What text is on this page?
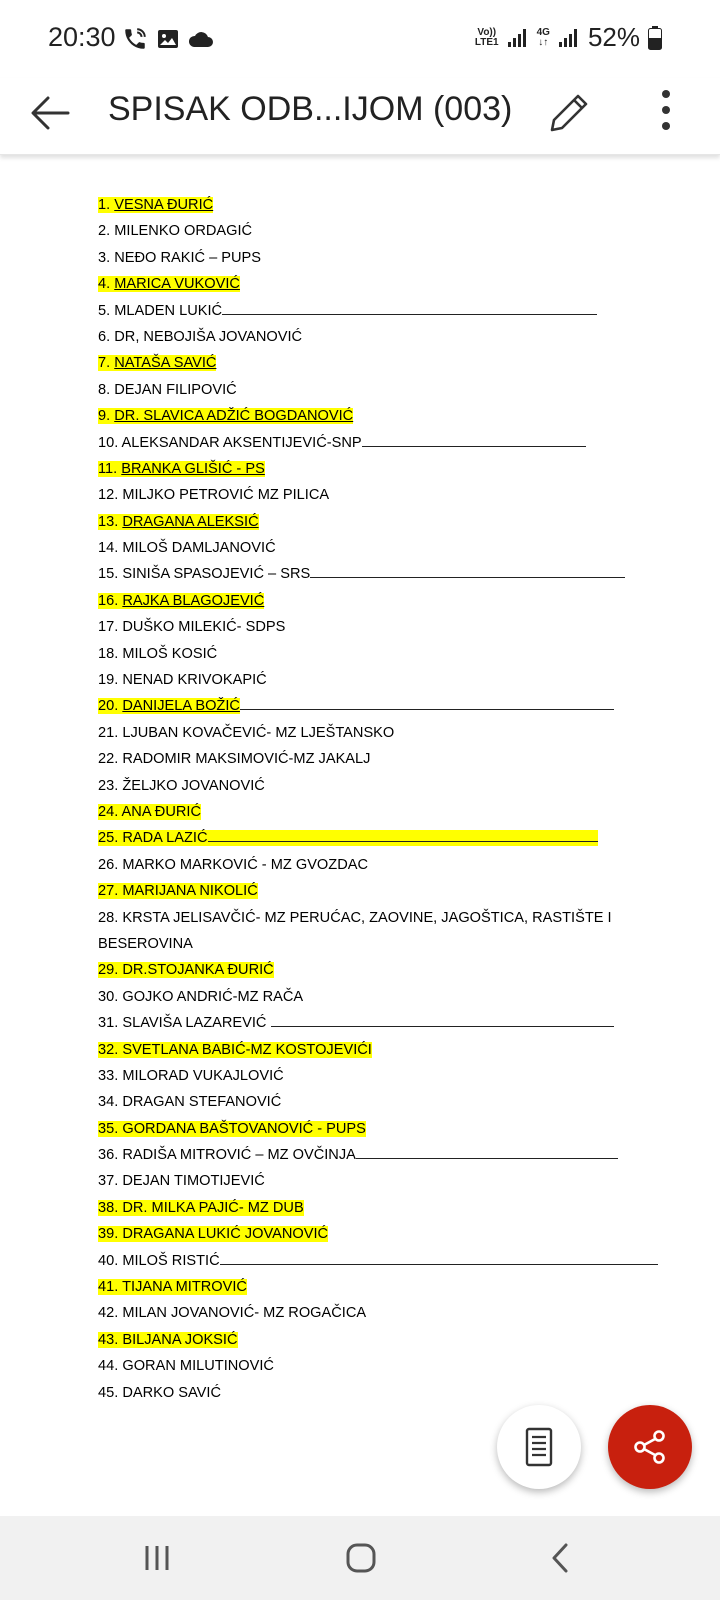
20:30	Vo))
LTE1
4G
↓↑ 52%
SPISAK ODB...IJOM (003)
1. VESNA ĐURIĆ
2. MILENKO ORDAGIĆ
3. NEĐO RAKIĆ – PUPS
4. MARICA VUKOVIĆ
5. MLADEN LUKIĆ
6. DR, NEBOJIŠA JOVANOVIĆ
7. NATAŠA SAVIĆ
8. DEJAN FILIPOVIĆ
9. DR. SLAVICA ADŽIĆ BOGDANOVIĆ
10. ALEKSANDAR AKSENTIJEVIĆ-SNP
11. BRANKA GLIŠIĆ - PS
12. MILJKO PETROVIĆ MZ PILICA
13. DRAGANA ALEKSIĆ
14. MILOŠ DAMLJANOVIĆ
15. SINIŠA SPASOJEVIĆ – SRS
16. RAJKA BLAGOJEVIĆ
17. DUŠKO MILEKIĆ- SDPS
18. MILOŠ KOSIĆ
19. NENAD KRIVOKAPIĆ
20. DANIJELA BOŽIĆ
21. LJUBAN KOVAČEVIĆ- MZ LJEŠTANSKO
22. RADOMIR MAKSIMOVIĆ-MZ JAKALJ
23. ŽELJKO JOVANOVIĆ
24. ANA ĐURIĆ
25. RADA LAZIĆ
26. MARKO MARKOVIĆ - MZ GVOZDAC
27. MARIJANA NIKOLIĆ
28. KRSTA JELISAVČIĆ- MZ PERUĆAC, ZAOVINE, JAGOŠTICA, RASTIŠTE I BESEROVINA
29. DR.STOJANKA ĐURIĆ
30. GOJKO ANDRIĆ-MZ RAČA
31. SLAVIŠA LAZAREVIĆ
32. SVETLANA BABIĆ-MZ KOSTOJEVIĆI
33. MILORAD VUKAJLOVIĆ
34. DRAGAN STEFANOVIĆ
35. GORDANA BAŠTOVANOVIĆ - PUPS
36. RADIŠA MITROVIĆ – MZ OVČINJA
37. DEJAN TIMOTIJEVIĆ
38. DR. MILKA PAJIĆ- MZ DUB
39. DRAGANA LUKIĆ JOVANOVIĆ
40. MILOŠ RISTIĆ
41. TIJANA MITROVIĆ
42. MILAN JOVANOVIĆ- MZ ROGAČICA
43. BILJANA JOKSIĆ
44. GORAN MILUTINOVIĆ
45. DARKO SAVIĆ
